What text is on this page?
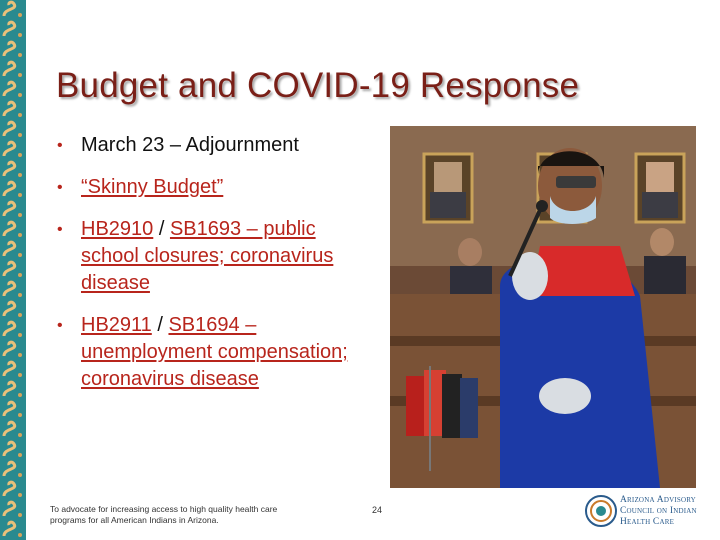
Budget and COVID-19 Response
• March 23 – Adjournment
• “Skinny Budget”
• HB2910 / SB1693 – public school closures; coronavirus disease
• HB2911 / SB1694 – unemployment compensation; coronavirus disease
To advocate for increasing access to high quality health care programs for all American Indians in Arizona.
24
Arizona Advisory
Council on Indian
Health Care
